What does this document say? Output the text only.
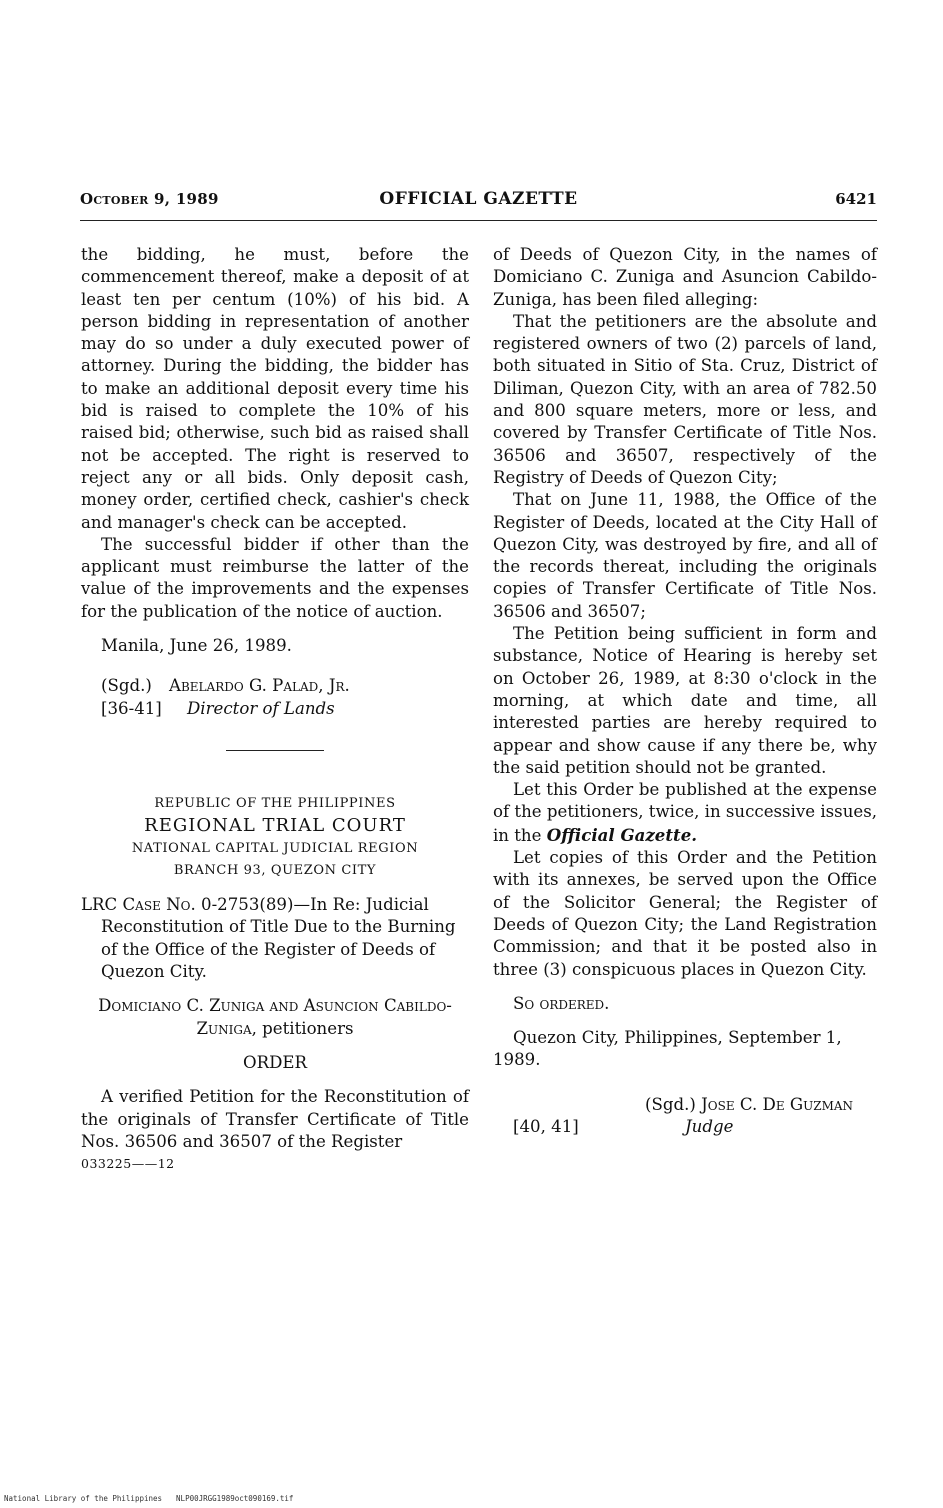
October 9, 1989	OFFICIAL GAZETTE	6421

the bidding, he must, before the commencement thereof, make a deposit of at least ten per centum (10%) of his bid. A person bidding in representation of another may do so under a duly executed power of attorney. During the bidding, the bidder has to make an additional deposit every time his bid is raised to complete the 10% of his raised bid; otherwise, such bid as raised shall not be accepted. The right is reserved to reject any or all bids. Only deposit cash, money order, certified check, cashier's check and manager's check can be accepted.

The successful bidder if other than the applicant must reimburse the latter of the value of the improvements and the expenses for the publication of the notice of auction.

Manila, June 26, 1989.

(Sgd.)	Abelardo G. Palad, Jr.
[36-41]	Director of Lands

REPUBLIC OF THE PHILIPPINES

REGIONAL TRIAL COURT

NATIONAL CAPITAL JUDICIAL REGION

BRANCH 93, QUEZON CITY

LRC Case No. 0-2753(89)—In Re: Judicial Reconstitution of Title Due to the Burning of the Office of the Register of Deeds of Quezon City.

Domiciano C. Zuniga and Asuncion Cabildo-Zuniga, petitioners

ORDER

A verified Petition for the Reconstitution of the originals of Transfer Certificate of Title Nos. 36506 and 36507 of the Register

033225——12

of Deeds of Quezon City, in the names of Domiciano C. Zuniga and Asuncion Cabildo-Zuniga, has been filed alleging:

That the petitioners are the absolute and registered owners of two (2) parcels of land, both situated in Sitio of Sta. Cruz, District of Diliman, Quezon City, with an area of 782.50 and 800 square meters, more or less, and covered by Transfer Certificate of Title Nos. 36506 and 36507, respectively of the Registry of Deeds of Quezon City;

That on June 11, 1988, the Office of the Register of Deeds, located at the City Hall of Quezon City, was destroyed by fire, and all of the records thereat, including the originals copies of Transfer Certificate of Title Nos. 36506 and 36507;

The Petition being sufficient in form and substance, Notice of Hearing is hereby set on October 26, 1989, at 8:30 o'clock in the morning, at which date and time, all interested parties are hereby required to appear and show cause if any there be, why the said petition should not be granted.

Let this Order be published at the expense of the petitioners, twice, in successive issues, in the Official Gazette.

Let copies of this Order and the Petition with its annexes, be served upon the Office of the Solicitor General; the Register of Deeds of Quezon City; the Land Registration Commission; and that it be posted also in three (3) conspicuous places in Quezon City.

So ordered.

Quezon City, Philippines, September 1, 1989.

(Sgd.) Jose C. De Guzman
[40, 41]	Judge
National Library of the Philippines NLP00JRGG1989oct090169.tif
